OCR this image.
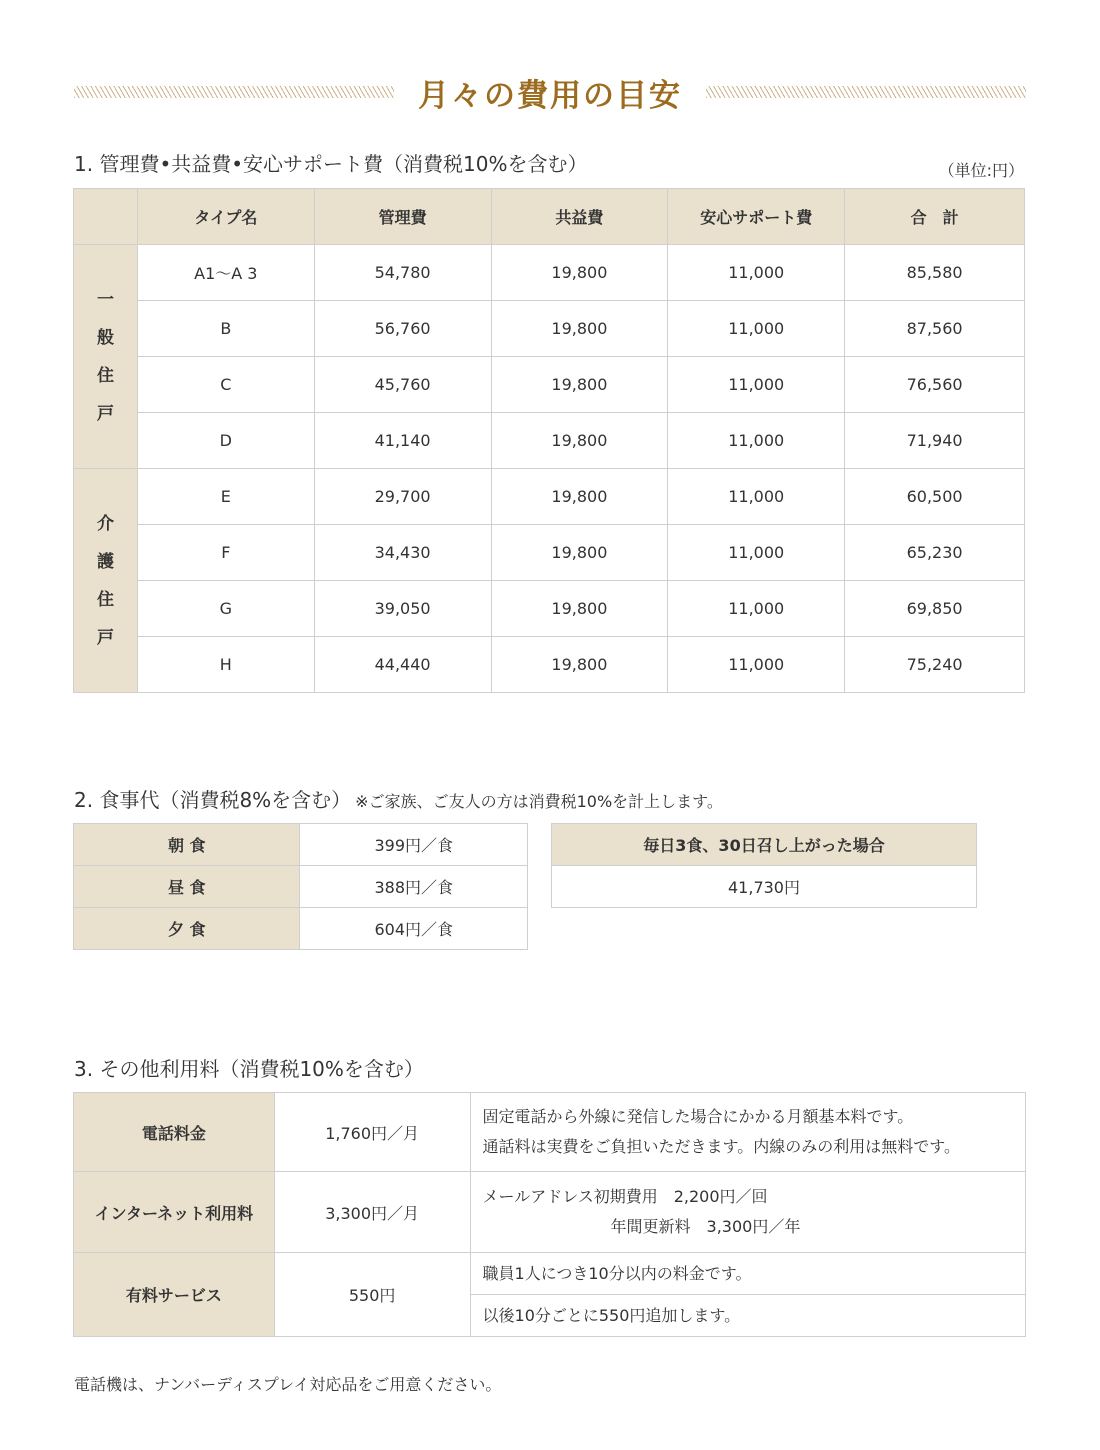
月々の費用の目安
1. 管理費•共益費•安心サポート費（消費税10%を含む）	（単位:円）
	タイプ名	管理費	共益費	安心サポート費	合　計
一
般
住
戸	A1〜A 3	54,780	19,800	11,000	85,580
	B	56,760	19,800	11,000	87,560
	C	45,760	19,800	11,000	76,560
	D	41,140	19,800	11,000	71,940
介
護
住
戸	E	29,700	19,800	11,000	60,500
	F	34,430	19,800	11,000	65,230
	G	39,050	19,800	11,000	69,850
	H	44,440	19,800	11,000	75,240
2. 食事代（消費税8%を含む） ※ご家族、ご友人の方は消費税10%を計上します。
朝 食	399円／食
昼 食	388円／食
夕 食	604円／食
毎日3食、30日召し上がった場合
41,730円
3. その他利用料（消費税10%を含む）
電話料金	1,760円／月	固定電話から外線に発信した場合にかかる月額基本料です。
通話料は実費をご負担いただきます。内線のみの利用は無料です。

インターネット利用料	3,300円／月	メールアドレス初期費用　2,200円／回
年間更新料　3,300円／年

有料サービス	550円	職員1人につき10分以内の料金です。
		以後10分ごとに550円追加します。
電話機は、ナンバーディスプレイ対応品をご用意ください。
